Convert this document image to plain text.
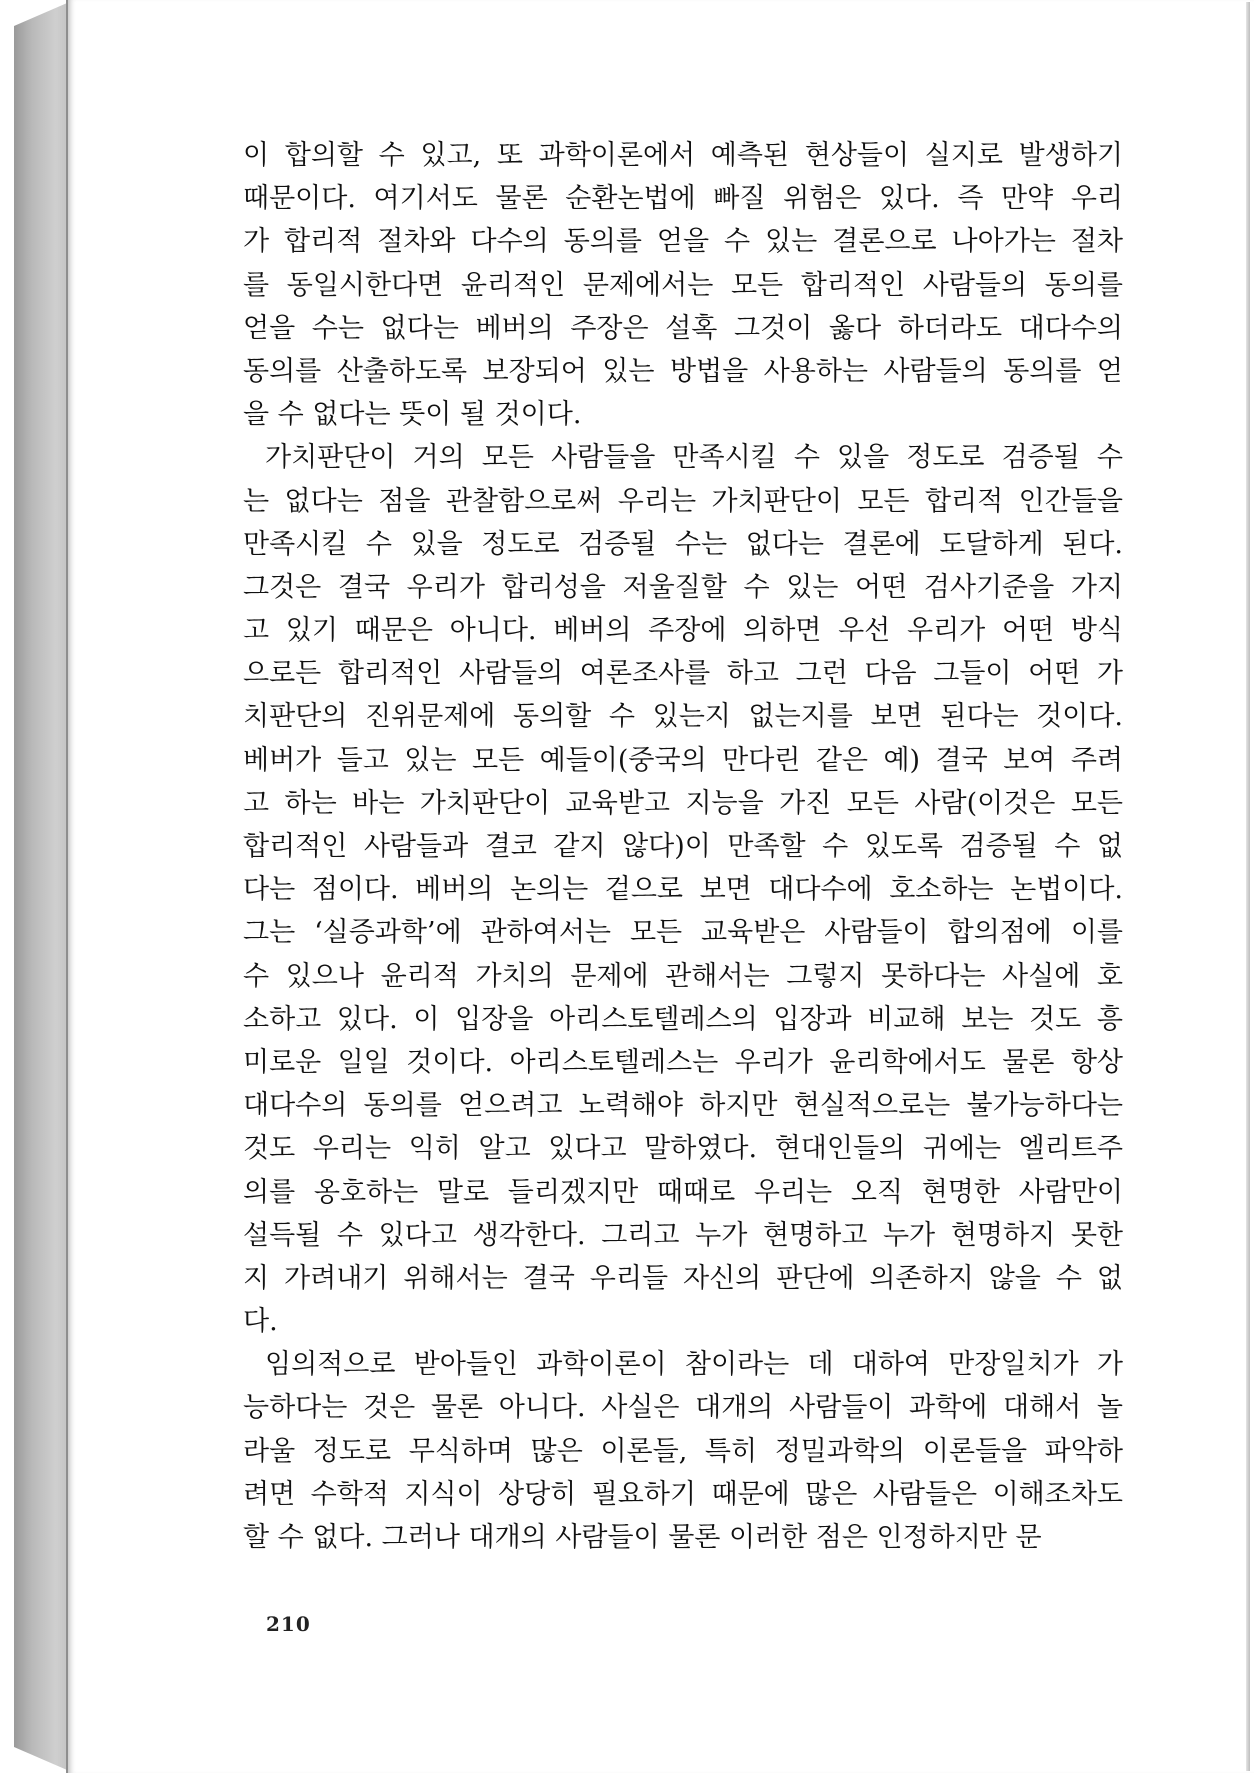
이 합의할 수 있고, 또 과학이론에서 예측된 현상들이 실지로 발생하기
때문이다. 여기서도 물론 순환논법에 빠질 위험은 있다. 즉 만약 우리
가 합리적 절차와 다수의 동의를 얻을 수 있는 결론으로 나아가는 절차
를 동일시한다면 윤리적인 문제에서는 모든 합리적인 사람들의 동의를
얻을 수는 없다는 베버의 주장은 설혹 그것이 옳다 하더라도 대다수의
동의를 산출하도록 보장되어 있는 방법을 사용하는 사람들의 동의를 얻
을 수 없다는 뜻이 될 것이다.
가치판단이 거의 모든 사람들을 만족시킬 수 있을 정도로 검증될 수
는 없다는 점을 관찰함으로써 우리는 가치판단이 모든 합리적 인간들을
만족시킬 수 있을 정도로 검증될 수는 없다는 결론에 도달하게 된다.
그것은 결국 우리가 합리성을 저울질할 수 있는 어떤 검사기준을 가지
고 있기 때문은 아니다. 베버의 주장에 의하면 우선 우리가 어떤 방식
으로든 합리적인 사람들의 여론조사를 하고 그런 다음 그들이 어떤 가
치판단의 진위문제에 동의할 수 있는지 없는지를 보면 된다는 것이다.
베버가 들고 있는 모든 예들이(중국의 만다린 같은 예) 결국 보여 주려
고 하는 바는 가치판단이 교육받고 지능을 가진 모든 사람(이것은 모든
합리적인 사람들과 결코 같지 않다)이 만족할 수 있도록 검증될 수 없
다는 점이다. 베버의 논의는 겉으로 보면 대다수에 호소하는 논법이다.
그는 ‘실증과학’에 관하여서는 모든 교육받은 사람들이 합의점에 이를
수 있으나 윤리적 가치의 문제에 관해서는 그렇지 못하다는 사실에 호
소하고 있다. 이 입장을 아리스토텔레스의 입장과 비교해 보는 것도 흥
미로운 일일 것이다. 아리스토텔레스는 우리가 윤리학에서도 물론 항상
대다수의 동의를 얻으려고 노력해야 하지만 현실적으로는 불가능하다는
것도 우리는 익히 알고 있다고 말하였다. 현대인들의 귀에는 엘리트주
의를 옹호하는 말로 들리겠지만 때때로 우리는 오직 현명한 사람만이
설득될 수 있다고 생각한다. 그리고 누가 현명하고 누가 현명하지 못한
지 가려내기 위해서는 결국 우리들 자신의 판단에 의존하지 않을 수 없
다.
임의적으로 받아들인 과학이론이 참이라는 데 대하여 만장일치가 가
능하다는 것은 물론 아니다. 사실은 대개의 사람들이 과학에 대해서 놀
라울 정도로 무식하며 많은 이론들, 특히 정밀과학의 이론들을 파악하
려면 수학적 지식이 상당히 필요하기 때문에 많은 사람들은 이해조차도
할 수 없다. 그러나 대개의 사람들이 물론 이러한 점은 인정하지만 문
210
